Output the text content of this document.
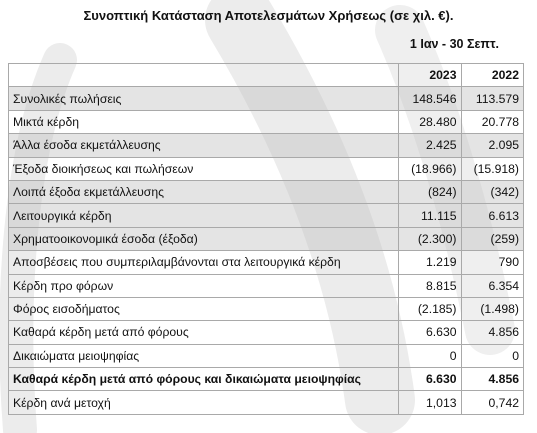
Συνοπτική Κατάσταση Αποτελεσμάτων Χρήσεως (σε χιλ. €).
1 Ιαν - 30 Σεπτ.
	2023	2022
Συνολικές πωλήσεις	148.546	113.579
Μικτά κέρδη	28.480	20.778
Άλλα έσοδα εκμετάλλευσης	2.425	2.095
Έξοδα διοικήσεως και πωλήσεων	(18.966)	(15.918)
Λοιπά έξοδα εκμετάλλευσης	(824)	(342)
Λειτουργικά κέρδη	11.115	6.613
Χρηματοοικονομικά έσοδα (έξοδα)	(2.300)	(259)
Αποσβέσεις που συμπεριλαμβάνονται στα λειτουργικά κέρδη	1.219	790
Κέρδη προ φόρων	8.815	6.354
Φόρος εισοδήματος	(2.185)	(1.498)
Καθαρά κέρδη μετά από φόρους	6.630	4.856
Δικαιώματα μειοψηφίας	0	0
Καθαρά κέρδη μετά από φόρους και δικαιώματα μειοψηφίας	6.630	4.856
Κέρδη ανά μετοχή	1,013	0,742
